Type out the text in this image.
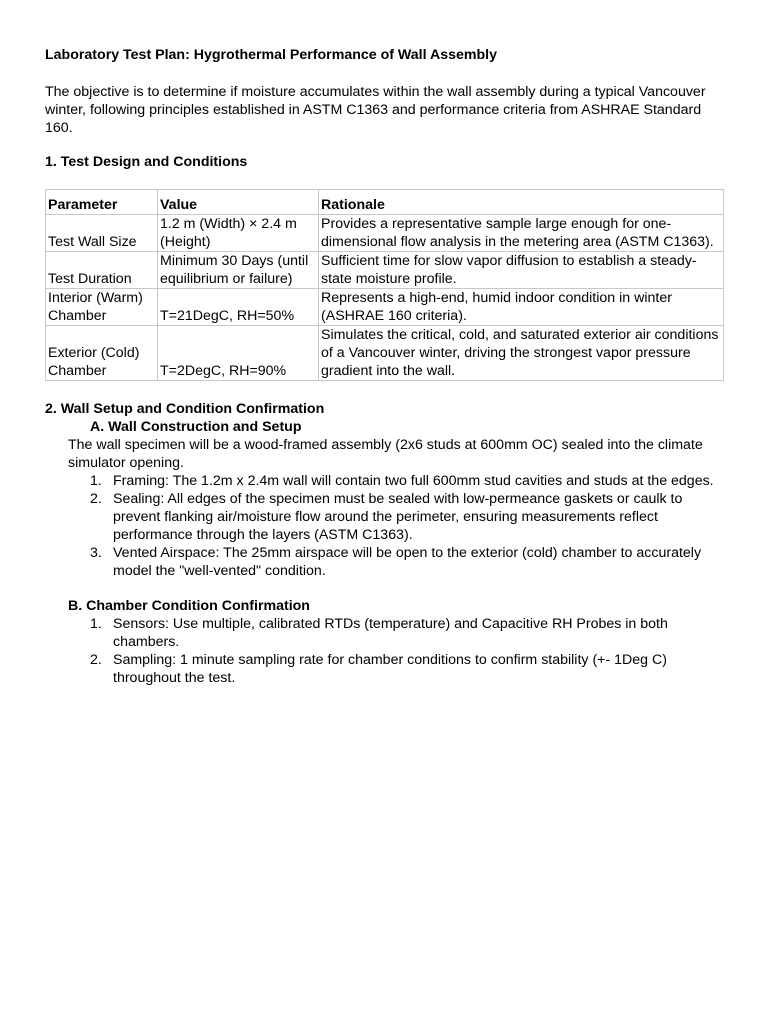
Laboratory Test Plan: Hygrothermal Performance of Wall Assembly

The objective is to determine if moisture accumulates within the wall assembly during a typical Vancouver winter, following principles established in ASTM C1363 and performance criteria from ASHRAE Standard 160.

1. Test Design and Conditions

Parameter	Value	Rationale
Test Wall Size	1.2 m (Width) × 2.4 m (Height)	Provides a representative sample large enough for one-dimensional flow analysis in the metering area (ASTM C1363).
Test Duration	Minimum 30 Days (until equilibrium or failure)	Sufficient time for slow vapor diffusion to establish a steady-state moisture profile.
Interior (Warm) Chamber	T=21DegC, RH=50%	Represents a high-end, humid indoor condition in winter (ASHRAE 160 criteria).
Exterior (Cold) Chamber	T=2DegC, RH=90%	Simulates the critical, cold, and saturated exterior air conditions of a Vancouver winter, driving the strongest vapor pressure gradient into the wall.

2. Wall Setup and Condition Confirmation

A. Wall Construction and Setup

The wall specimen will be a wood-framed assembly (2x6 studs at 600mm OC) sealed into the climate simulator opening.

1. Framing: The 1.2m x 2.4m wall will contain two full 600mm stud cavities and studs at the edges.
2. Sealing: All edges of the specimen must be sealed with low-permeance gaskets or caulk to prevent flanking air/moisture flow around the perimeter, ensuring measurements reflect performance through the layers (ASTM C1363).
3. Vented Airspace: The 25mm airspace will be open to the exterior (cold) chamber to accurately model the "well-vented" condition.

B. Chamber Condition Confirmation

1. Sensors: Use multiple, calibrated RTDs (temperature) and Capacitive RH Probes in both chambers.
2. Sampling: 1 minute sampling rate for chamber conditions to confirm stability (+- 1Deg C) throughout the test.
